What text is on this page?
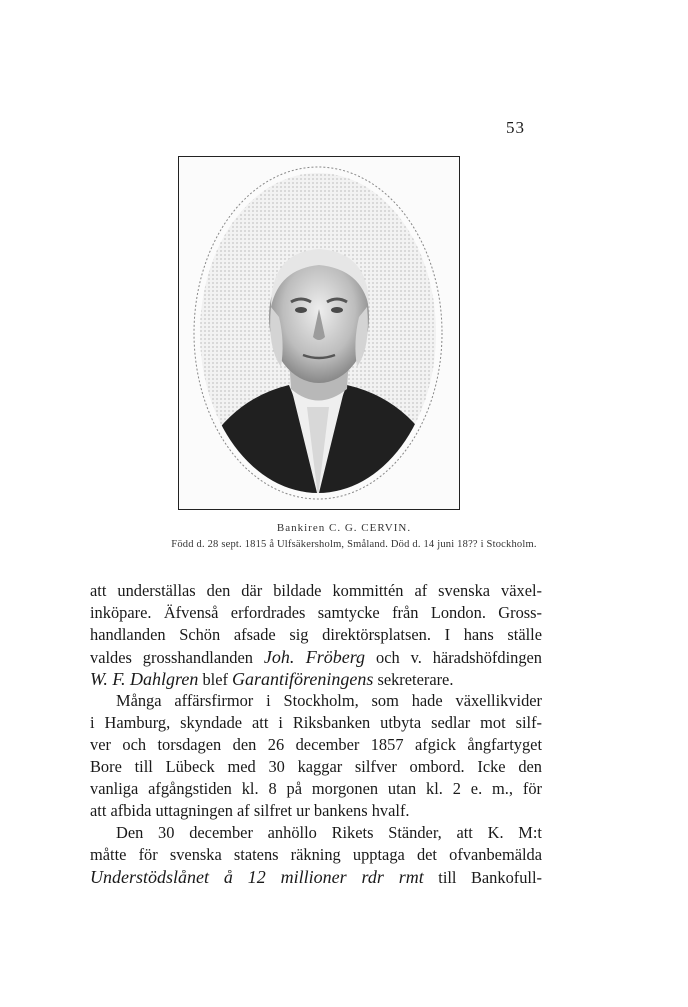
53
Bankiren C. G. CERVIN.
Född d. 28 sept. 1815 å Ulfsäkersholm, Småland. Död d. 14 juni 18?? i Stockholm.
att underställas den där bildade kommittén af svenska växel-
inköpare. Äfvenså erfordrades samtycke från London. Gross-
handlanden Schön afsade sig direktörsplatsen. I hans ställe
valdes grosshandlanden Joh. Fröberg och v. häradshöfdingen
W. F. Dahlgren blef Garantiföreningens sekreterare.
Många affärsfirmor i Stockholm, som hade växellikvider
i Hamburg, skyndade att i Riksbanken utbyta sedlar mot silf-
ver och torsdagen den 26 december 1857 afgick ångfartyget
Bore till Lübeck med 30 kaggar silfver ombord. Icke den
vanliga afgångstiden kl. 8 på morgonen utan kl. 2 e. m., för
att afbida uttagningen af silfret ur bankens hvalf.
Den 30 december anhöllo Rikets Ständer, att K. M:t
måtte för svenska statens räkning upptaga det ofvanbemälda
Understödslånet å 12 millioner rdr rmt till Bankofull-
